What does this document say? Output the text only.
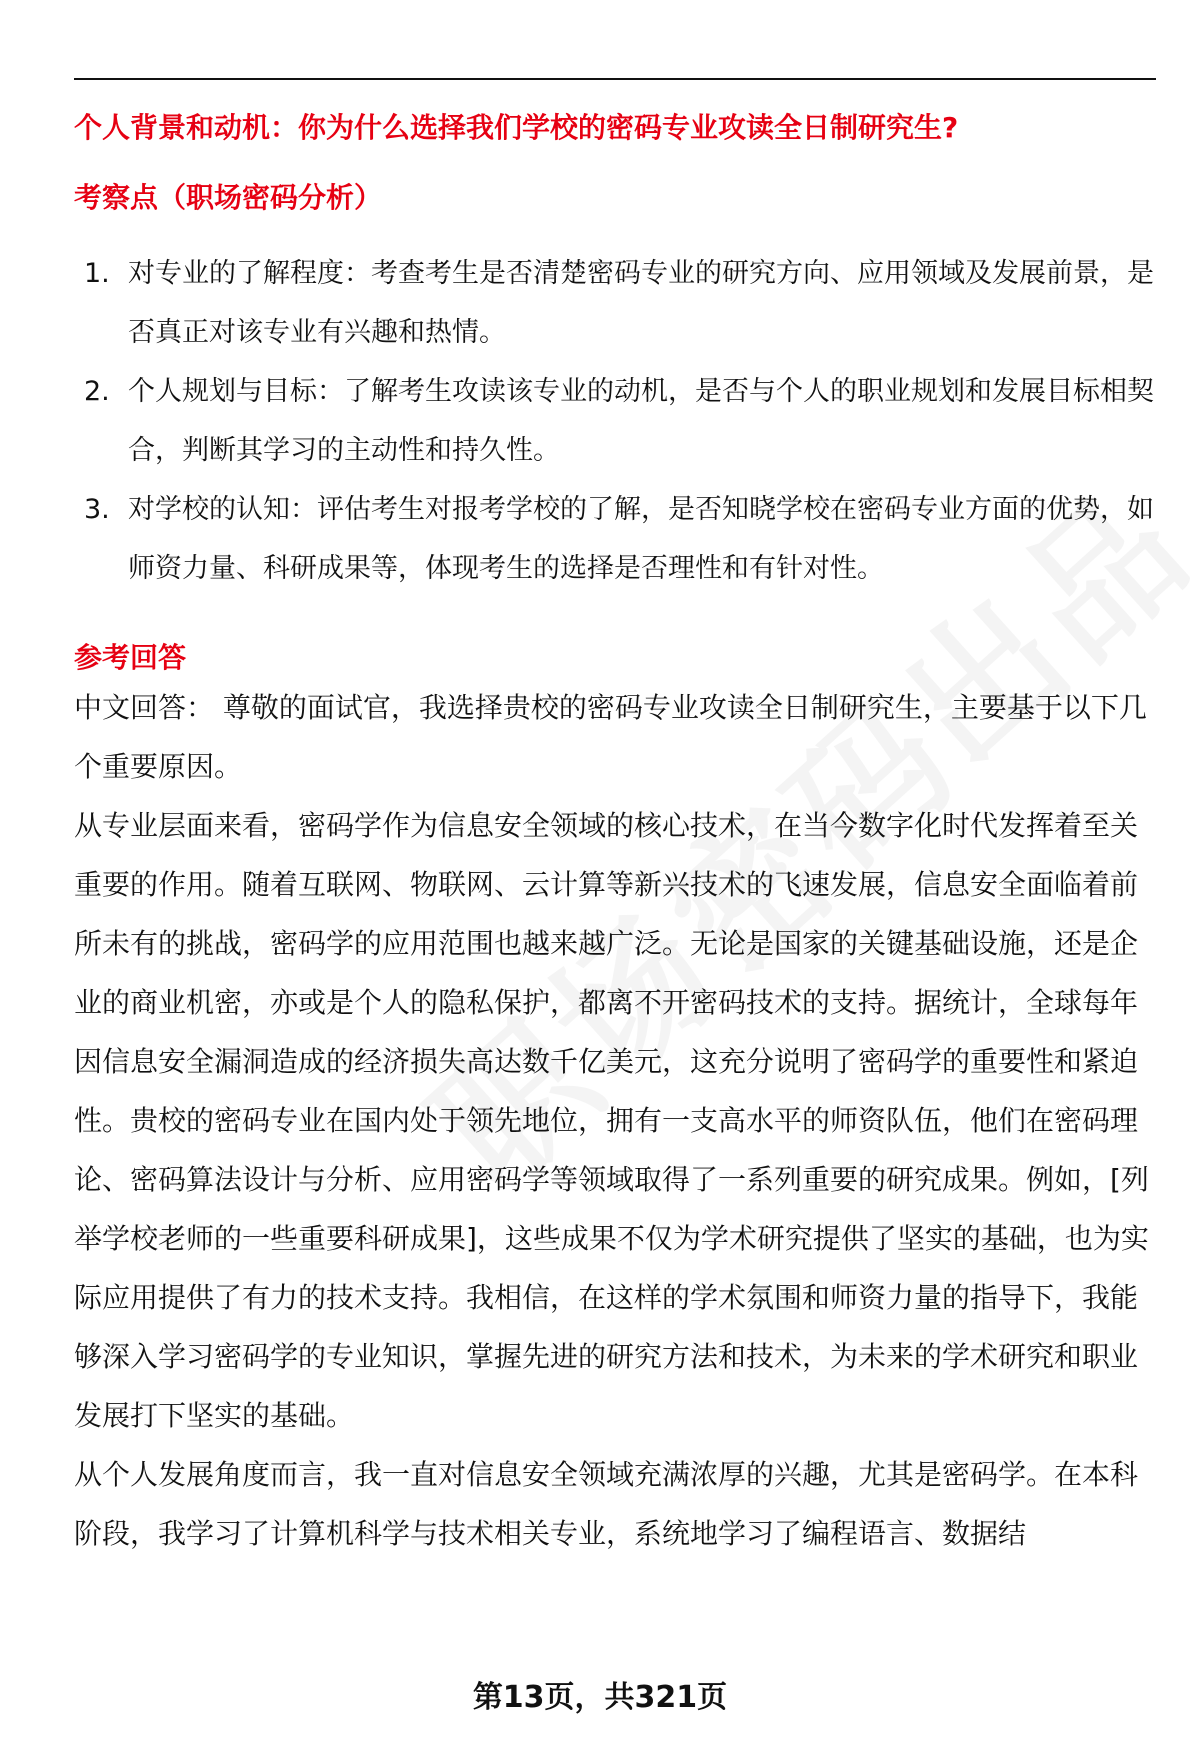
个人背景和动机：你为什么选择我们学校的密码专业攻读全日制研究生?
考察点（职场密码分析）
1. 对专业的了解程度：考查考生是否清楚密码专业的研究方向、应用领域及发展前景，是否真正对该专业有兴趣和热情。
2. 个人规划与目标：了解考生攻读该专业的动机，是否与个人的职业规划和发展目标相契合，判断其学习的主动性和持久性。
3. 对学校的认知：评估考生对报考学校的了解，是否知晓学校在密码专业方面的优势，如师资力量、科研成果等，体现考生的选择是否理性和有针对性。
参考回答

中文回答： 尊敬的面试官，我选择贵校的密码专业攻读全日制研究生，主要基于以下几个重要原因。

从专业层面来看，密码学作为信息安全领域的核心技术，在当今数字化时代发挥着至关重要的作用。随着互联网、物联网、云计算等新兴技术的飞速发展，信息安全面临着前所未有的挑战，密码学的应用范围也越来越广泛。无论是国家的关键基础设施，还是企业的商业机密，亦或是个人的隐私保护，都离不开密码技术的支持。据统计，全球每年因信息安全漏洞造成的经济损失高达数千亿美元，这充分说明了密码学的重要性和紧迫性。贵校的密码专业在国内处于领先地位，拥有一支高水平的师资队伍，他们在密码理论、密码算法设计与分析、应用密码学等领域取得了一系列重要的研究成果。例如，[列举学校老师的一些重要科研成果]，这些成果不仅为学术研究提供了坚实的基础，也为实际应用提供了有力的技术支持。我相信，在这样的学术氛围和师资力量的指导下，我能够深入学习密码学的专业知识，掌握先进的研究方法和技术，为未来的学术研究和职业发展打下坚实的基础。

从个人发展角度而言，我一直对信息安全领域充满浓厚的兴趣，尤其是密码学。在本科阶段，我学习了计算机科学与技术相关专业，系统地学习了编程语言、数据结

第13页，共321页
